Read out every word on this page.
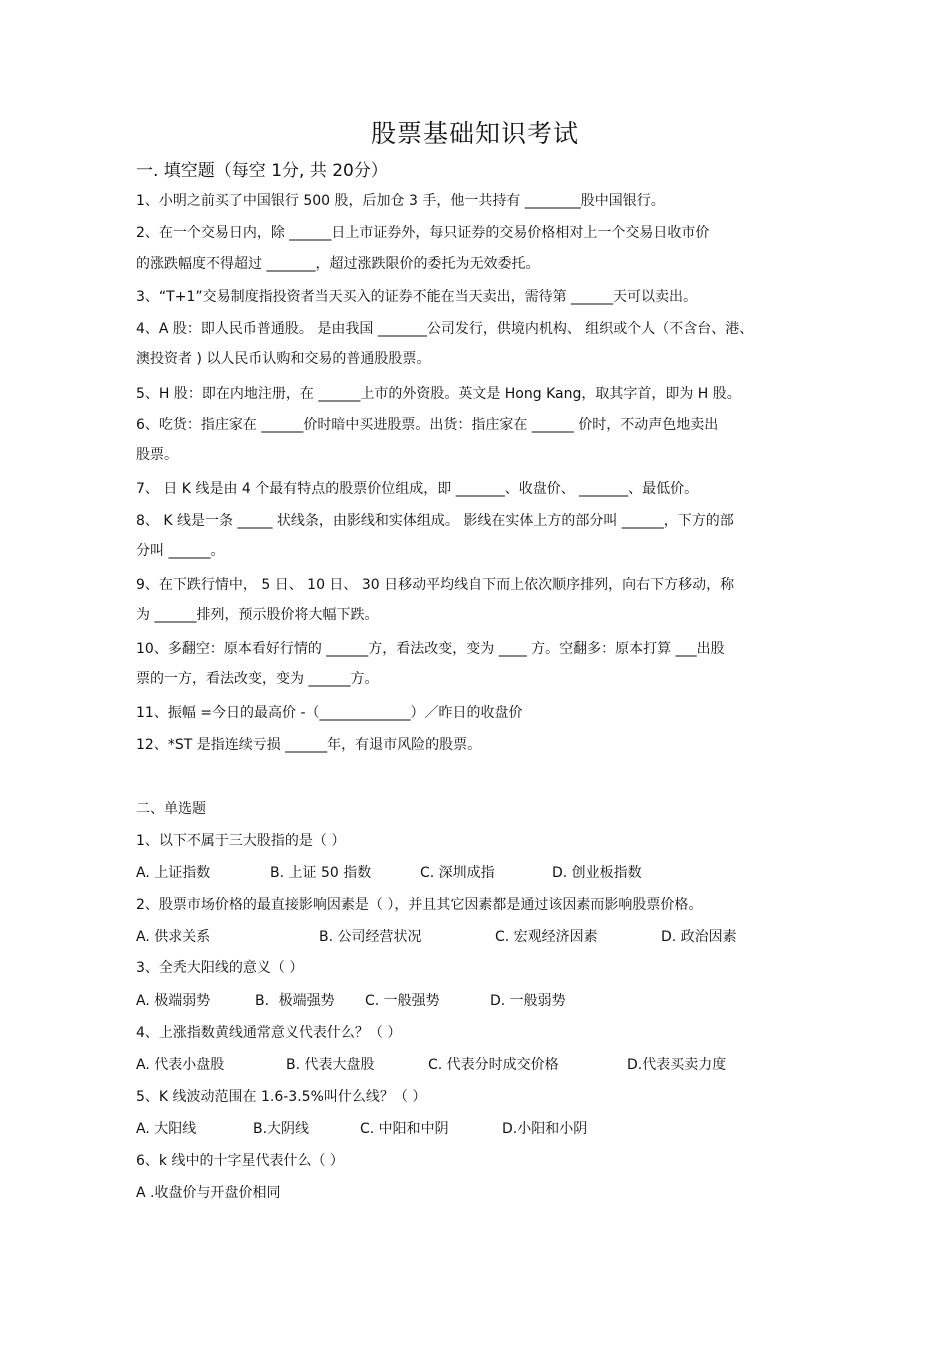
股票基础知识考试
一. 填空题（每空 1分, 共 20分）
1、小明之前买了中国银行 500 股，后加仓 3 手，他一共持有 ________股中国银行。
2、在一个交易日内，除 ______日上市证券外，每只证券的交易价格相对上一个交易日收市价
的涨跌幅度不得超过 _______，超过涨跌限价的委托为无效委托。
3、“T+1”交易制度指投资者当天买入的证券不能在当天卖出，需待第 ______天可以卖出。
4、A 股：即人民币普通股。 是由我国 _______公司发行，供境内机构、 组织或个人（不含台、港、
澳投资者 ) 以人民币认购和交易的普通股股票。
5、H 股：即在内地注册，在 ______上市的外资股。英文是 Hong Kang，取其字首，即为 H 股。
6、吃货：指庄家在 ______价时暗中买进股票。出货：指庄家在 ______ 价时，不动声色地卖出
股票。
7、 日 K 线是由 4 个最有特点的股票价位组成，即 _______、收盘价、 _______、最低价。
8、 K 线是一条 _____ 状线条，由影线和实体组成。 影线在实体上方的部分叫 ______，下方的部
分叫 ______。
9、在下跌行情中， 5 日、 10 日、 30 日移动平均线自下而上依次顺序排列，向右下方移动，称
为 ______排列，预示股价将大幅下跌。
10、多翻空：原本看好行情的 ______方，看法改变，变为 ____ 方。空翻多：原本打算 ___出股
票的一方，看法改变，变为 ______方。
11、振幅 =今日的最高价 -（_____________）／昨日的收盘价
12、*ST 是指连续亏损 ______年，有退市风险的股票。
二、单选题
1、以下不属于三大股指的是（ ）
A. 上证指数	B. 上证 50 指数	C. 深圳成指	D. 创业板指数
2、股票市场价格的最直接影响因素是（ ），并且其它因素都是通过该因素而影响股票价格。
A. 供求关系	B. 公司经营状况	C. 宏观经济因素	D. 政治因素
3、全秃大阳线的意义（ ）
A. 极端弱势	B．极端强势 C. 一般强势	D. 一般弱势
4、上涨指数黄线通常意义代表什么？（ ）
A. 代表小盘股	B. 代表大盘股	C. 代表分时成交价格	D.代表买卖力度
5、K 线波动范围在 1.6-3.5%叫什么线？（ ）
A. 大阳线	B.大阴线	C. 中阳和中阴	D.小阳和小阴
6、k 线中的十字星代表什么（ ）
A .收盘价与开盘价相同
